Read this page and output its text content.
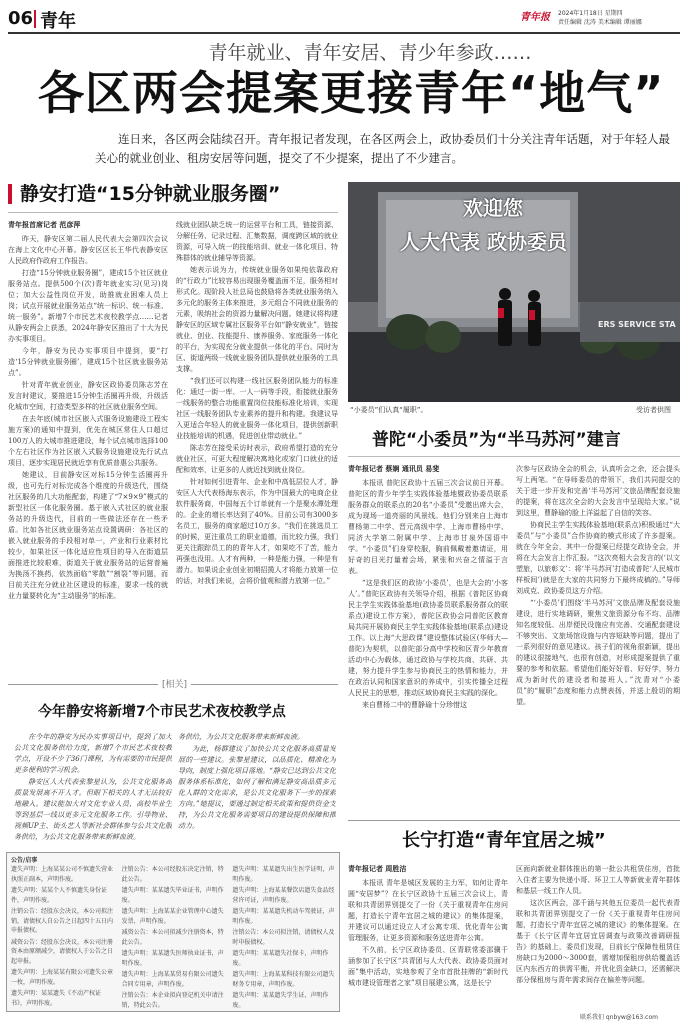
06 青年	青年报 2024年1月18日 星期四
责任编辑 沈涛 美术编辑 谭丽娜
青年就业、青年安居、青少年参政……
各区两会提案更接青年“地气”
连日来，各区两会陆续召开。青年报记者发现，在各区两会上，政协委员们十分关注青年话题，对于年轻人最关心的就业创业、租房安居等问题，提交了不少提案，提出了不少建言。
静安打造“15分钟就业服务圈”
青年报首席记者 范彦萍

昨天，静安区第二届人民代表大会第四次会议在海上文化中心开幕。静安区区长王华代表静安区人民政府作政府工作报告。

打造“15分钟就业服务圈”，建成15个社区就业服务站点。提供500个(次)青年就业实习(见习)岗位；加大公益性岗位开发，助推就业困难人员上岗；试点开展就业服务站点“统一标识、统一标准、统一服务”。新增7个市民艺术夜校教学点……记者从静安两会上获悉，2024年静安区推出了十大为民办实事项目。

今年，静安为民办实事项目中提到，要“打造‘15分钟就业服务圈’，建成15个社区就业服务站点”。

针对青年就业创业，静安区政协委员陈志芳在发言时建议，要推进15分钟生活圈再升级，升级活化城市空间，打造类型多样的社区就业服务空间。

在去年底(城市社区嵌入式服务设施建设工程实施方案)的通知中提到，优先在城区常住人口超过100万人的大城市推进建设，每个试点城市选择100个左右社区作为社区嵌入式服务设施建设先行试点项目，逐步实现居民就近享有优质普惠公共服务。

她建议，目前静安区对标15分钟生活圈再升级，也可先行对标完成各个维度的升级迭代，围绕社区服务的几大功能配套，构建了“7×9×9”模式的新型社区一体化服务圈。基于嵌入式社区的就业服务站的升级迭代，目前的一些做法还存在一些矛盾。比如各社区就业服务站点设置调研：各社区的嵌入就业服务的手段相对单一，产业和行业素材比较少，如果社区一体化适应性项目的导入在街道层面推进比较艰难，街道关于就业服务站的运营普遍为换汤不换药，依然面临“零散”“割裂”等问题，而目前关注充分就业社区建设的标准，要求一线的就业力量要转化为“主动服务”的标准。

线就业团队缺乏统一的运营平台和工具，链接资源、分解任务、记录过程、汇集数据，调度跨区域的就业资源，可导入统一的技能培训、就业一体化项目、特殊群体的就业辅导等资源。

她表示说为力，传统就业服务如果纯依靠政府的“行政力”比较容易出现服务覆盖面不足，服务相对形式化。现阶段人社总局也鼓励将各类就业服务纳入多元化的服务主体来推进，多元组合不同就业服务的元素，吸纳社会的资源力量解决问题。她建议将构建静安区的区域专属社区服务平台如“静安就业”，链接就业、创业、技能提升、康养服务、家庭服务一体化的平台，为实现充分就业提供一体化的平台。同时为区、街道两级一线就业服务团队提供就业服务的工具支撑。

“我们还可以构建一线社区服务团队能力的标准化：通过一街一库、一人一码等手段，衔接就业服务一线服务的整合功能重置岗位技能标准化培训，实现社区一线服务团队专业素养的提升和构建。我建议导入更适合年轻人的就业服务一体化项目，提供创新职业技能培训的机遇，促进创业带动就业。”

陈志芳在接受采访时表示，政府希望打造的充分就业社区，可更大程度解决寓地化或家门口就业的适配和效率，让更多的人就近找到就业岗位。

针对如何引进青年、企业和中高低层位人才，静安区人大代表杨海东表示，作为中国最大的电商企业软件服务商，中国每五个订单就有一个是聚水潭处理的。企业的增长率达到了40%。目前公司有3000多名员工，服务的商家超过10万多。“我们在挑选员工的时候，更注重员工的职业道德，而比较力强，我们更关注跟踪员工的的青年人才，如果吃不了苦，能力再强也没用。人才有两种，一种是能力强，一种是有潜力。如果说企业创业初期招揽人才将能力放第一位的话，对我们来说，会将价值观和潜力放第一位。”

[相关]
今年静安将新增7个市民艺术夜校教学点

在今年的静安为民办实事项目中，提到了加大公共文化服务供给力度，新增7个市民艺术夜校教学点，开设不少于36门课程，为有需要的市民提供更多便利的学习机会。

静安区人大代表张黎星认为，公共文化服务高质量发展离不开人才。但眼下相关的人才无法较好地融入。建议能加大对文化专业人员、高校毕业生等到基层一线以更多元文化服务工作。引导物业、视频UP主、街头艺人等新社会群体参与公共文化服务供给，为公共文化服务带来新鲜血液。

务供给，为公共文化服务带来新鲜血液。

为此，杨群建议了加快公共文化服务高质量发展的一些建议。张黎星建议，以品质化、精准化为导向，制度上强化项目落地。“静安已达到公共文化服务体系标准化，如何了解和满足静安高品质多元化人群的文化需求，是公共文化服务下一步的探索方向。”她提议，要通过制定相关政策和提供资金支持，为公共文化服务需要项目的建设提供保障和推动力。

公告/启事
遗失声明：上海某某公司不慎遗失营业执照正副本，声明作废。
遗失声明：某某个人不慎遗失身份证件，声明作废。
注销公告：经股东会决议，本公司拟注销，请债权人自公告之日起四十五日内申报债权。
减资公告：经股东会决议，本公司注册资本由原额减少，请债权人于公告之日起申报。
遗失声明：上海某某有限公司遗失公章一枚，声明作废。
遗失声明：某某遗失《不动产权证书》，声明作废。
注销公告：本公司经股东决定注销，特此公告。
遗失声明：某某遗失毕业证书，声明作废。
遗失声明：上海某某企业管理中心遗失发票，声明作废。
减资公告：本公司拟减少注册资本，特此公告。
遗失声明：某某遗失医师执业证书，声明作废。
遗失声明：上海某某贸易有限公司遗失合同专用章，声明作废。
注销公告：本企业拟向登记机关申请注销，特此公告。
遗失声明：某某遗失出生医学证明，声明作废。
遗失声明：上海某某餐饮店遗失食品经营许可证，声明作废。
遗失声明：某某遗失机动车驾驶证，声明作废。
注销公告：本公司拟注销，请债权人及时申报债权。
遗失声明：某某遗失社保卡，声明作废。
遗失声明：上海某某科技有限公司遗失财务专用章，声明作废。
遗失声明：某某遗失学生证，声明作废。
欢迎您
人大代表 政协委员
ERS SERVICE STA
“小委员”们认真“履职”。	受访者供图
普陀“小委员”为“半马苏河”建言
青年报记者 蔡娴 通讯员 易斐

本报讯 普陀区政协十五届三次会议前日开幕。普陀区的青少年学生实践体验基地暨政协委员联系服务群众的联系点的20名“小委员”受邀出席大会，成为现场一道亮丽的风景线。他们分别来自上海市曹杨第二中学、晋元高级中学、上海市曹杨中学、同济大学第二附属中学、上海市甘泉外国语中学。“小委员”们身穿校服，胸前佩戴着邀请证，用好奇的目光打量着会场，紧张和兴奋之情溢于言表。

“这是我们区的政协‘小委员’，也是大会的‘小客人’。”普陀区政协有关领导介绍，根据《普陀区协商民主学生实践体验基地(政协委员联系服务群众的联系点)建设工作方案》，普陀区政协会同普陀区教育局共同开展协商民主学生实践体验基地(联系点)建设工作。以上海“大思政课”建设整体试验区(华师大—普陀)为契机，以普陀部分高中学校和区青少年教育活动中心为载体，通过政协与学校共商、共研、共建，努力提升学生参与协商民主的热情和能力，并在政治认同和国家意识的养成中，引实传播全过程人民民主的思想，推动区域协商民主实践的深化。

来自曹杨二中的曹静瑜十分珍惜这

次参与区政协全会的机会，认真听会之余，还会提头写上两笔。“在导师委员的带领下，我们共同提交的关于进一步开发和完善‘半马苏河’文旅品牌配套设施的提案，将在这次全会的大会发言中呈现给大家。”说到这里，曹静瑜的脸上洋溢起了自信的笑容。

协商民主学生实践体验基地(联系点)积极通过“大委员”与“小委员”合作协商的模式形成了许多提案。就在今年全会，其中一份提案已经提交政协全会，并将在大会发言上作汇报。“这次亮相大会发言的(‘以文塑旅，以旅彰文’：将‘半马苏河’打造成普陀‘人民城市样板间’)就是在大家的共同努力下最终成稿的。”导师刘成克、政协委员这方介绍。

“‘小委员’们围绕‘半马苏河’文旅品牌及配套设施建设，进行实地调研，聚焦文旅资源分布不均、品牌知名度较低、出岸便民设施应有完善、交通配套建设不够突出、文旅场馆设施与内容短缺等问题，提出了一系列很好的意见建议。孩子们的视角很新颖，提出的建议很接地气，也很有创造，对形成提案提供了重要的参考和依据。希望他们能好好看、好好学，努力成为新时代的建设者和接班人。”沈青对“小委员”的“履职”态度和能力点赞表扬，并送上殷切的期望。

长宁打造“青年宜居之城”
青年报记者 周胜洁

本报讯 青年是城区发展的主力军，如何让青年圆“安居梦”？在长宁区政协十五届三次会议上，青联和共青团界别提交了一份《关于重视青年住房问题，打造长宁青年宜居之城的建议》的集体提案，并建议可以通过设立人才公寓专项、优化青年公寓管理服务，让更多资源和服务送进青年公寓。

不久前，长宁区政协委员、区青联常委邵骥千涵参加了长宁区“共青团与人大代表、政协委员面对面”集中活动，实地参观了全市首批挂牌的“新时代城市建设管理者之家”项目展建公寓，这是长宁

区面向新就业群体推出的第一批公共租赁住房，首批入住者主要为快递小哥、环卫工人等新就业青年群体和基层一线工作人员。

这次区两会，邵千涵与其他五位委员一起代表青联和共青团界别提交了一份《关于重视青年住房问题，打造长宁青年宜居之城的建议》的集体提案。在基于《长宁区青年宜居宜居调查与政策改善调研报告》的基础上，委员们发现，目前长宁保障性租赁住房缺口为2000～3000套，需增加保租房供给覆盖活区内东西方的供需平衡，并优化资金缺口，还需解决部分保租房与青年需求间存在偏差等问题。

联系我们 qnbyw@163.com
